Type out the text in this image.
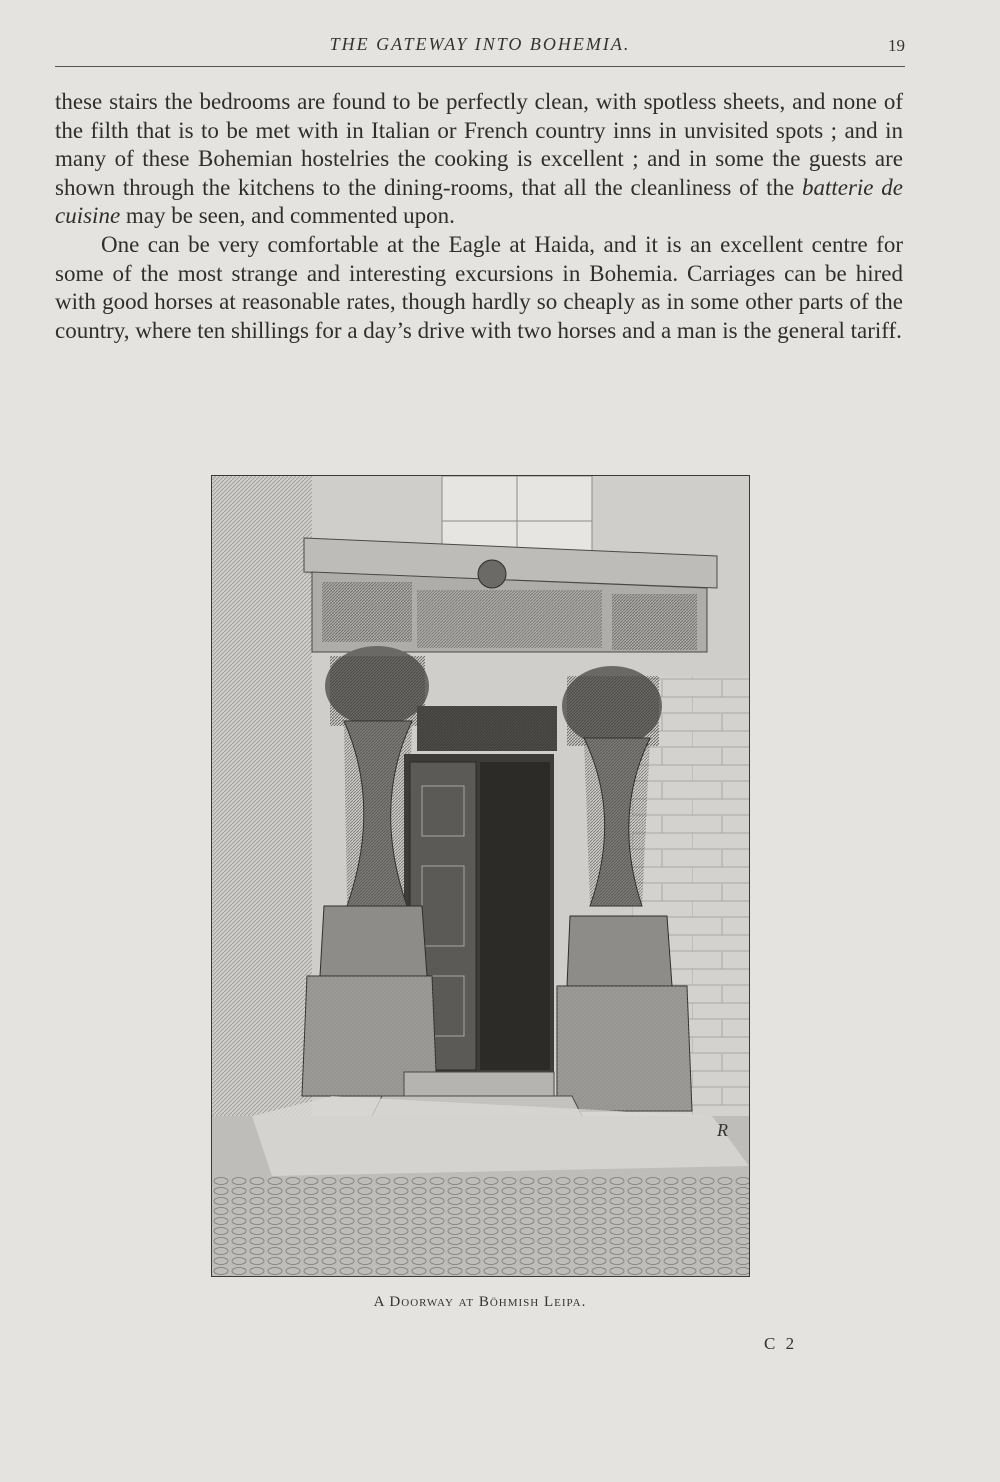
THE GATEWAY INTO BOHEMIA.	19

these stairs the bedrooms are found to be perfectly clean, with spotless sheets, and none of the filth that is to be met with in Italian or French country inns in unvisited spots ; and in many of these Bohemian hostelries the cooking is excellent ; and in some the guests are shown through the kitchens to the dining-rooms, that all the cleanliness of the batterie de cuisine may be seen, and commented upon.

One can be very comfortable at the Eagle at Haida, and it is an excellent centre for some of the most strange and interesting excursions in Bohemia. Carriages can be hired with good horses at reasonable rates, though hardly so cheaply as in some other parts of the country, where ten shillings for a day’s drive with two horses and a man is the general tariff.

R
A Doorway at Böhmish Leipa.
C 2
